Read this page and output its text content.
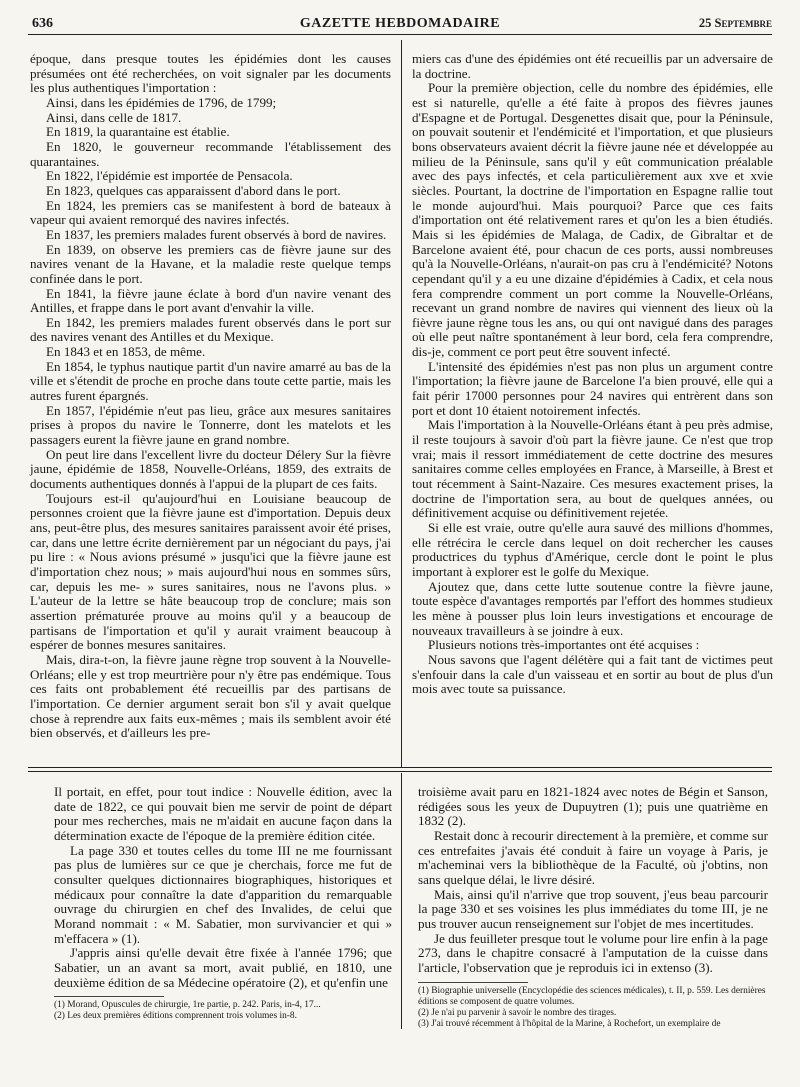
636	GAZETTE HEBDOMADAIRE	25 Septembre

époque, dans presque toutes les épidémies dont les causes présumées ont été recherchées, on voit signaler par les documents les plus authentiques l'importation :

Ainsi, dans les épidémies de 1796, de 1799;

Ainsi, dans celle de 1817.

En 1819, la quarantaine est établie.

En 1820, le gouverneur recommande l'établissement des quarantaines.

En 1822, l'épidémie est importée de Pensacola.

En 1823, quelques cas apparaissent d'abord dans le port.

En 1824, les premiers cas se manifestent à bord de bateaux à vapeur qui avaient remorqué des navires infectés.

En 1837, les premiers malades furent observés à bord de navires.

En 1839, on observe les premiers cas de fièvre jaune sur des navires venant de la Havane, et la maladie reste quelque temps confinée dans le port.

En 1841, la fièvre jaune éclate à bord d'un navire venant des Antilles, et frappe dans le port avant d'envahir la ville.

En 1842, les premiers malades furent observés dans le port sur des navires venant des Antilles et du Mexique.

En 1843 et en 1853, de même.

En 1854, le typhus nautique partit d'un navire amarré au bas de la ville et s'étendit de proche en proche dans toute cette partie, mais les autres furent épargnés.

En 1857, l'épidémie n'eut pas lieu, grâce aux mesures sanitaires prises à propos du navire le Tonnerre, dont les matelots et les passagers eurent la fièvre jaune en grand nombre.

On peut lire dans l'excellent livre du docteur Délery Sur la fièvre jaune, épidémie de 1858, Nouvelle-Orléans, 1859, des extraits de documents authentiques donnés à l'appui de la plupart de ces faits.

Toujours est-il qu'aujourd'hui en Louisiane beaucoup de personnes croient que la fièvre jaune est d'importation. Depuis deux ans, peut-être plus, des mesures sanitaires paraissent avoir été prises, car, dans une lettre écrite dernièrement par un négociant du pays, j'ai pu lire : « Nous avions présumé » jusqu'ici que la fièvre jaune est d'importation chez nous; » mais aujourd'hui nous en sommes sûrs, car, depuis les me- » sures sanitaires, nous ne l'avons plus. » L'auteur de la lettre se hâte beaucoup trop de conclure; mais son assertion prématurée prouve au moins qu'il y a beaucoup de partisans de l'importation et qu'il y aurait vraiment beaucoup à espérer de bonnes mesures sanitaires.

Mais, dira-t-on, la fièvre jaune règne trop souvent à la Nouvelle-Orléans; elle y est trop meurtrière pour n'y être pas endémique. Tous ces faits ont probablement été recueillis par des partisans de l'importation. Ce dernier argument serait bon s'il y avait quelque chose à reprendre aux faits eux-mêmes ; mais ils semblent avoir été bien observés, et d'ailleurs les pre-

miers cas d'une des épidémies ont été recueillis par un adversaire de la doctrine.

Pour la première objection, celle du nombre des épidémies, elle est si naturelle, qu'elle a été faite à propos des fièvres jaunes d'Espagne et de Portugal. Desgenettes disait que, pour la Péninsule, on pouvait soutenir et l'endémicité et l'importation, et que plusieurs bons observateurs avaient décrit la fièvre jaune née et développée au milieu de la Péninsule, sans qu'il y eût communication préalable avec des pays infectés, et cela particulièrement aux xve et xvie siècles. Pourtant, la doctrine de l'importation en Espagne rallie tout le monde aujourd'hui. Mais pourquoi? Parce que ces faits d'importation ont été relativement rares et qu'on les a bien étudiés. Mais si les épidémies de Malaga, de Cadix, de Gibraltar et de Barcelone avaient été, pour chacun de ces ports, aussi nombreuses qu'à la Nouvelle-Orléans, n'aurait-on pas cru à l'endémicité? Notons cependant qu'il y a eu une dizaine d'épidémies à Cadix, et cela nous fera comprendre comment un port comme la Nouvelle-Orléans, recevant un grand nombre de navires qui viennent des lieux où la fièvre jaune règne tous les ans, ou qui ont navigué dans des parages où elle peut naître spontanément à leur bord, cela fera comprendre, dis-je, comment ce port peut être souvent infecté.

L'intensité des épidémies n'est pas non plus un argument contre l'importation; la fièvre jaune de Barcelone l'a bien prouvé, elle qui a fait périr 17000 personnes pour 24 navires qui entrèrent dans son port et dont 10 étaient notoirement infectés.

Mais l'importation à la Nouvelle-Orléans étant à peu près admise, il reste toujours à savoir d'où part la fièvre jaune. Ce n'est que trop vrai; mais il ressort immédiatement de cette doctrine des mesures sanitaires comme celles employées en France, à Marseille, à Brest et tout récemment à Saint-Nazaire. Ces mesures exactement prises, la doctrine de l'importation sera, au bout de quelques années, ou définitivement acquise ou définitivement rejetée.

Si elle est vraie, outre qu'elle aura sauvé des millions d'hommes, elle rétrécira le cercle dans lequel on doit rechercher les causes productrices du typhus d'Amérique, cercle dont le point le plus important à explorer est le golfe du Mexique.

Ajoutez que, dans cette lutte soutenue contre la fièvre jaune, toute espèce d'avantages remportés par l'effort des hommes studieux les mène à pousser plus loin leurs investigations et encourage de nouveaux travailleurs à se joindre à eux.

Plusieurs notions très-importantes ont été acquises :

Nous savons que l'agent délétère qui a fait tant de victimes peut s'enfouir dans la cale d'un vaisseau et en sortir au bout de plus d'un mois avec toute sa puissance.

Il portait, en effet, pour tout indice : Nouvelle édition, avec la date de 1822, ce qui pouvait bien me servir de point de départ pour mes recherches, mais ne m'aidait en aucune façon dans la détermination exacte de l'époque de la première édition citée.

La page 330 et toutes celles du tome III ne me fournissant pas plus de lumières sur ce que je cherchais, force me fut de consulter quelques dictionnaires biographiques, historiques et médicaux pour connaître la date d'apparition du remarquable ouvrage du chirurgien en chef des Invalides, de celui que Morand nommait : « M. Sabatier, mon survivancier et qui » m'effacera » (1).

J'appris ainsi qu'elle devait être fixée à l'année 1796; que Sabatier, un an avant sa mort, avait publié, en 1810, une deuxième édition de sa Médecine opératoire (2), et qu'enfin une

(1) Morand, Opuscules de chirurgie, 1re partie, p. 242. Paris, in-4, 17...

(2) Les deux premières éditions comprennent trois volumes in-8.

troisième avait paru en 1821-1824 avec notes de Bégin et Sanson, rédigées sous les yeux de Dupuytren (1); puis une quatrième en 1832 (2).

Restait donc à recourir directement à la première, et comme sur ces entrefaites j'avais été conduit à faire un voyage à Paris, je m'acheminai vers la bibliothèque de la Faculté, où j'obtins, non sans quelque délai, le livre désiré.

Mais, ainsi qu'il n'arrive que trop souvent, j'eus beau parcourir la page 330 et ses voisines les plus immédiates du tome III, je ne pus trouver aucun renseignement sur l'objet de mes incertitudes.

Je dus feuilleter presque tout le volume pour lire enfin à la page 273, dans le chapitre consacré à l'amputation de la cuisse dans l'article, l'observation que je reproduis ici in extenso (3).

(1) Biographie universelle (Encyclopédie des sciences médicales), t. II, p. 559. Les dernières éditions se composent de quatre volumes.

(2) Je n'ai pu parvenir à savoir le nombre des tirages.

(3) J'ai trouvé récemment à l'hôpital de la Marine, à Rochefort, un exemplaire de
